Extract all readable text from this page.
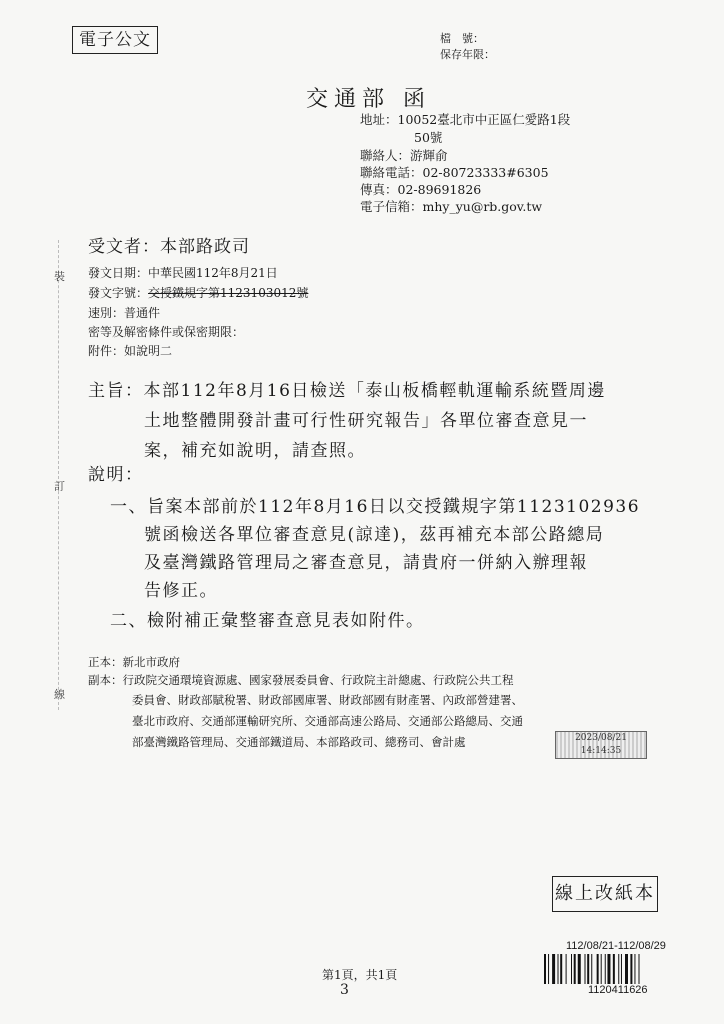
電子公文	檔　號：
保存年限：
交通部 函
地址：10052臺北市中正區仁愛路1段
50號
聯絡人：游輝俞
聯絡電話：02-80723333#6305
傳真：02-89691826
電子信箱：mhy_yu@rb.gov.tw
裝
訂
線
受文者：本部路政司
發文日期：中華民國112年8月21日
發文字號：交授鐵規字第1123103012號
速別：普通件
密等及解密條件或保密期限：
附件：如說明二
主旨：本部112年8月16日檢送「泰山板橋輕軌運輸系統暨周邊
土地整體開發計畫可行性研究報告」各單位審查意見一
案，補充如說明，請查照。
說明：
一、旨案本部前於112年8月16日以交授鐵規字第1123102936
號函檢送各單位審查意見(諒達)，茲再補充本部公路總局
及臺灣鐵路管理局之審查意見，請貴府一併納入辦理報
告修正。
二、檢附補正彙整審查意見表如附件。
正本：新北市政府
副本：行政院交通環境資源處、國家發展委員會、行政院主計總處、行政院公共工程
委員會、財政部賦稅署、財政部國庫署、財政部國有財產署、內政部營建署、
臺北市政府、交通部運輸研究所、交通部高速公路局、交通部公路總局、交通
部臺灣鐵路管理局、交通部鐵道局、本部路政司、總務司、會計處	2023/08/21
14:14:35
線上改紙本
112/08/21-112/08/29
1120411626
第1頁，共1頁
3
